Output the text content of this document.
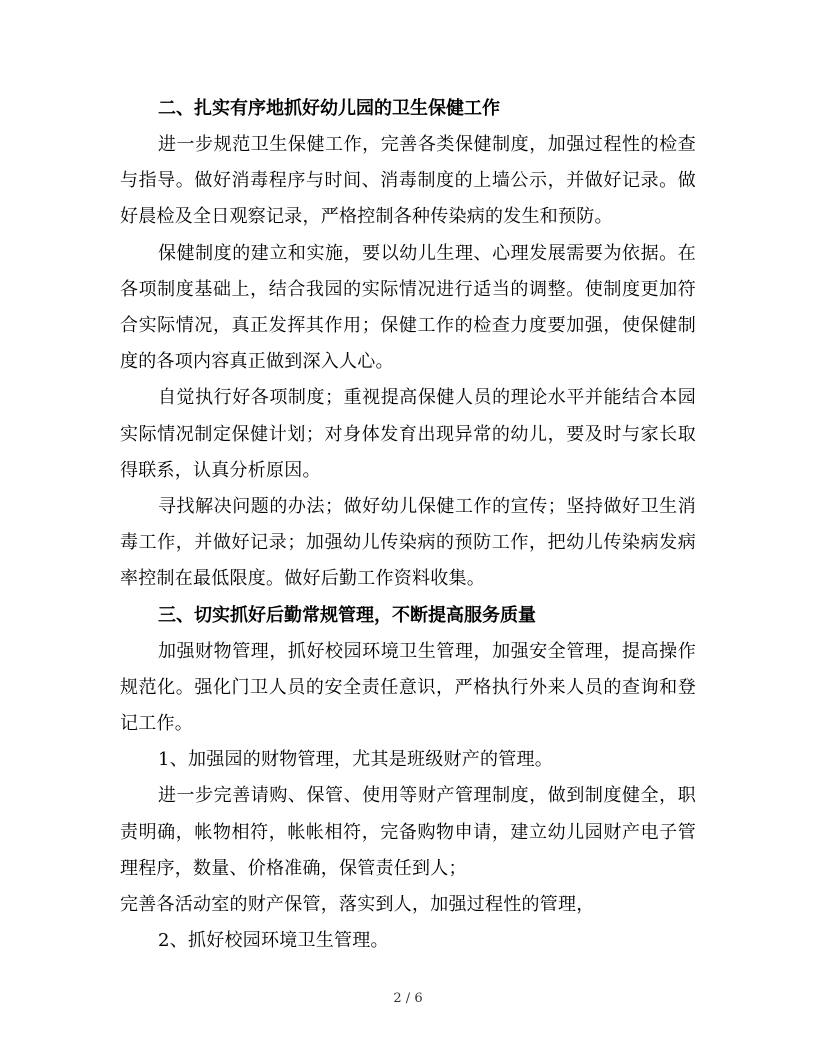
二、扎实有序地抓好幼儿园的卫生保健工作

进一步规范卫生保健工作，完善各类保健制度，加强过程性的检查与指导。做好消毒程序与时间、消毒制度的上墙公示，并做好记录。做好晨检及全日观察记录，严格控制各种传染病的发生和预防。

保健制度的建立和实施，要以幼儿生理、心理发展需要为依据。在各项制度基础上，结合我园的实际情况进行适当的调整。使制度更加符合实际情况，真正发挥其作用；保健工作的检查力度要加强，使保健制度的各项内容真正做到深入人心。

自觉执行好各项制度；重视提高保健人员的理论水平并能结合本园实际情况制定保健计划；对身体发育出现异常的幼儿，要及时与家长取得联系，认真分析原因。

寻找解决问题的办法；做好幼儿保健工作的宣传；坚持做好卫生消毒工作，并做好记录；加强幼儿传染病的预防工作，把幼儿传染病发病率控制在最低限度。做好后勤工作资料收集。

三、切实抓好后勤常规管理，不断提高服务质量

加强财物管理，抓好校园环境卫生管理，加强安全管理，提高操作规范化。强化门卫人员的安全责任意识，严格执行外来人员的查询和登记工作。

1、加强园的财物管理，尤其是班级财产的管理。

进一步完善请购、保管、使用等财产管理制度，做到制度健全，职责明确，帐物相符，帐帐相符，完备购物申请，建立幼儿园财产电子管理程序，数量、价格准确，保管责任到人；

完善各活动室的财产保管，落实到人，加强过程性的管理，

2、抓好校园环境卫生管理。

2 / 6
